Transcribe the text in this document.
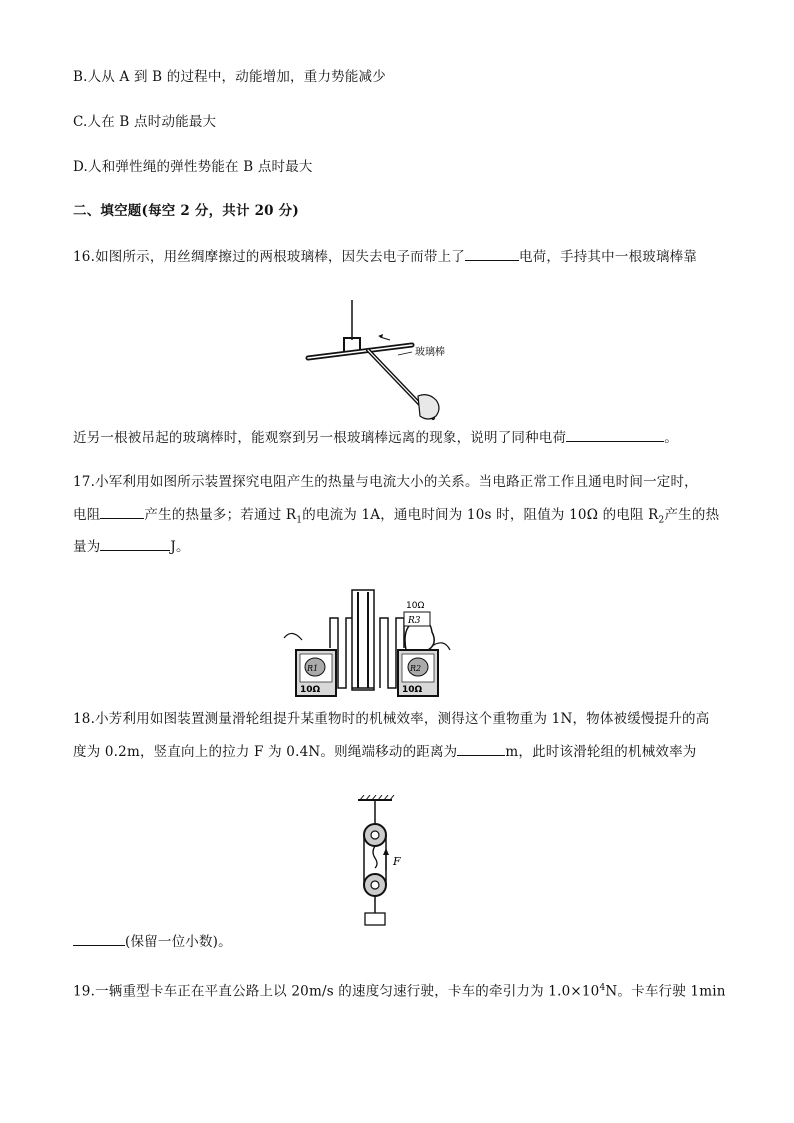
B.人从 A 到 B 的过程中，动能增加，重力势能减少
C.人在 B 点时动能最大
D.人和弹性绳的弹性势能在 B 点时最大
二、填空题(每空 2 分，共计 20 分)
16.如图所示，用丝绸摩擦过的两根玻璃棒，因失去电子而带上了	电荷，手持其中一根玻璃棒靠
玻璃棒
近另一根被吊起的玻璃棒时，能观察到另一根玻璃棒远离的现象，说明了同种电荷	。
17.小军利用如图所示装置探究电阻产生的热量与电流大小的关系。当电路正常工作且通电时间一定时，
电阻	产生的热量多；若通过 $R_1$的电流为 1A，通电时间为 10s 时，阻值为 10Ω 的电阻 $R_2$产生的热
量为	J。
R1
10Ω
R2
10Ω
R3
10Ω
18.小芳利用如图装置测量滑轮组提升某重物时的机械效率，测得这个重物重为 1N，物体被缓慢提升的高
度为 0.2m，竖直向上的拉力 F 为 0.4N。则绳端移动的距离为	m，此时该滑轮组的机械效率为
F
(保留一位小数)。
19.一辆重型卡车正在平直公路上以 20m/s 的速度匀速行驶，卡车的牵引力为 $1.0\times 10^4N$。卡车行驶 1min
